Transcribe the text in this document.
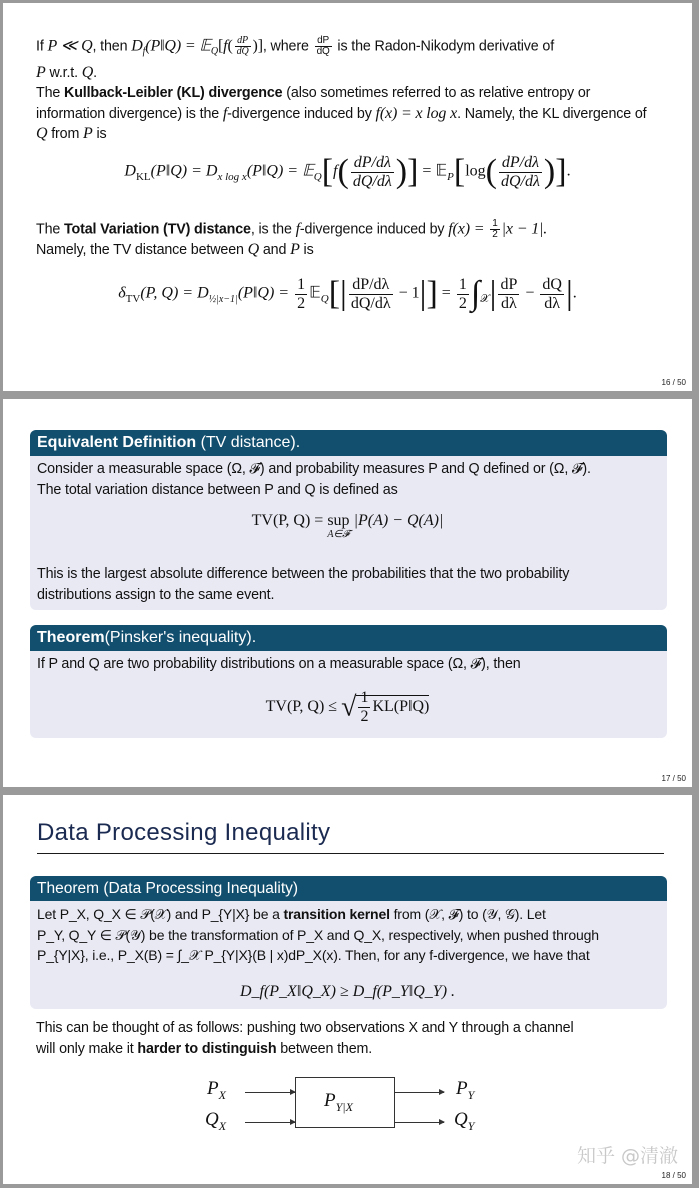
If P ≪ Q, then $D_f(P‖Q)$ = 𝔼$_Q$[f( $\frac{dP}{dQ}$ )], where $\frac{dP}{dQ}$ is the Radon-Nikodym derivative of
P w.r.t. Q.
The Kullback-Leibler (KL) divergence (also sometimes referred to as relative entropy or information divergence) is the f-divergence induced by f(x) = x log x. Namely, the KL divergence of Q from P is
$D_{KL}(P‖Q)$ = $D_{x log x}(P‖Q)$ = 𝔼$_Q$[f( $\frac{dP/d\lambda}{dQ/d\lambda}$ )] = 𝔼$_P$[log( $\frac{dP/d\lambda}{dQ/d\lambda}$ )].
The Total Variation (TV) distance, is the f-divergence induced by $f(x) = \frac{1}{2} |x - 1|$.
Namely, the TV distance between Q and P is
$\delta_{TV}(P$, $Q) = D_{\frac{1}{2}|x-1|}(P‖Q) = \frac{1}{2}$ 𝔼$_Q$[| $\frac{dP/d\lambda}{dQ/d\lambda} - 1|] = \frac{1}{2} \int_𝒳| \frac{dP}{d\lambda} - \frac{dQ}{d\lambda}$ |.
16 / 50
Equivalent Definition (TV distance).
Consider a measurable space (Ω, 𝓕) and probability measures P and Q defined or (Ω, 𝓕).
The total variation distance between P and Q is defined as
TV(P, Q) = sup

A∈𝓕
|P(A) − Q(A)|
This is the largest absolute difference between the probabilities that the two probability
distributions assign to the same event.
Theorem(Pinsker's inequality).
If P and Q are two probability distributions on a measurable space (Ω, 𝓕), then
TV(P, Q) ≤ √ $\frac{1}{2}$ KL(P‖Q)
17 / 50
Data Processing Inequality
Theorem (Data Processing Inequality)
Let P_X, Q_X ∈ 𝒫(𝒳) and P_{Y|X} be a transition kernel from (𝒳, 𝓕) to (𝒴, 𝒢). Let
P_Y, Q_Y ∈ 𝒫(𝒴) be the transformation of P_X and Q_X, respectively, when pushed through
P_{Y|X}, i.e., P_X(B) = ∫_𝒳 P_{Y|X}(B | x)dP_X(x). Then, for any f-divergence, we have that
D_f(P_X‖Q_X) ≥ D_f(P_Y‖Q_Y) .
This can be thought of as follows: pushing two observations X and Y through a channel
will only make it harder to distinguish between them.
$P_X$
$Q_X$
$P_{Y|X}$
$P_Y$
$Q_Y$
知乎 @清澈
18 / 50
